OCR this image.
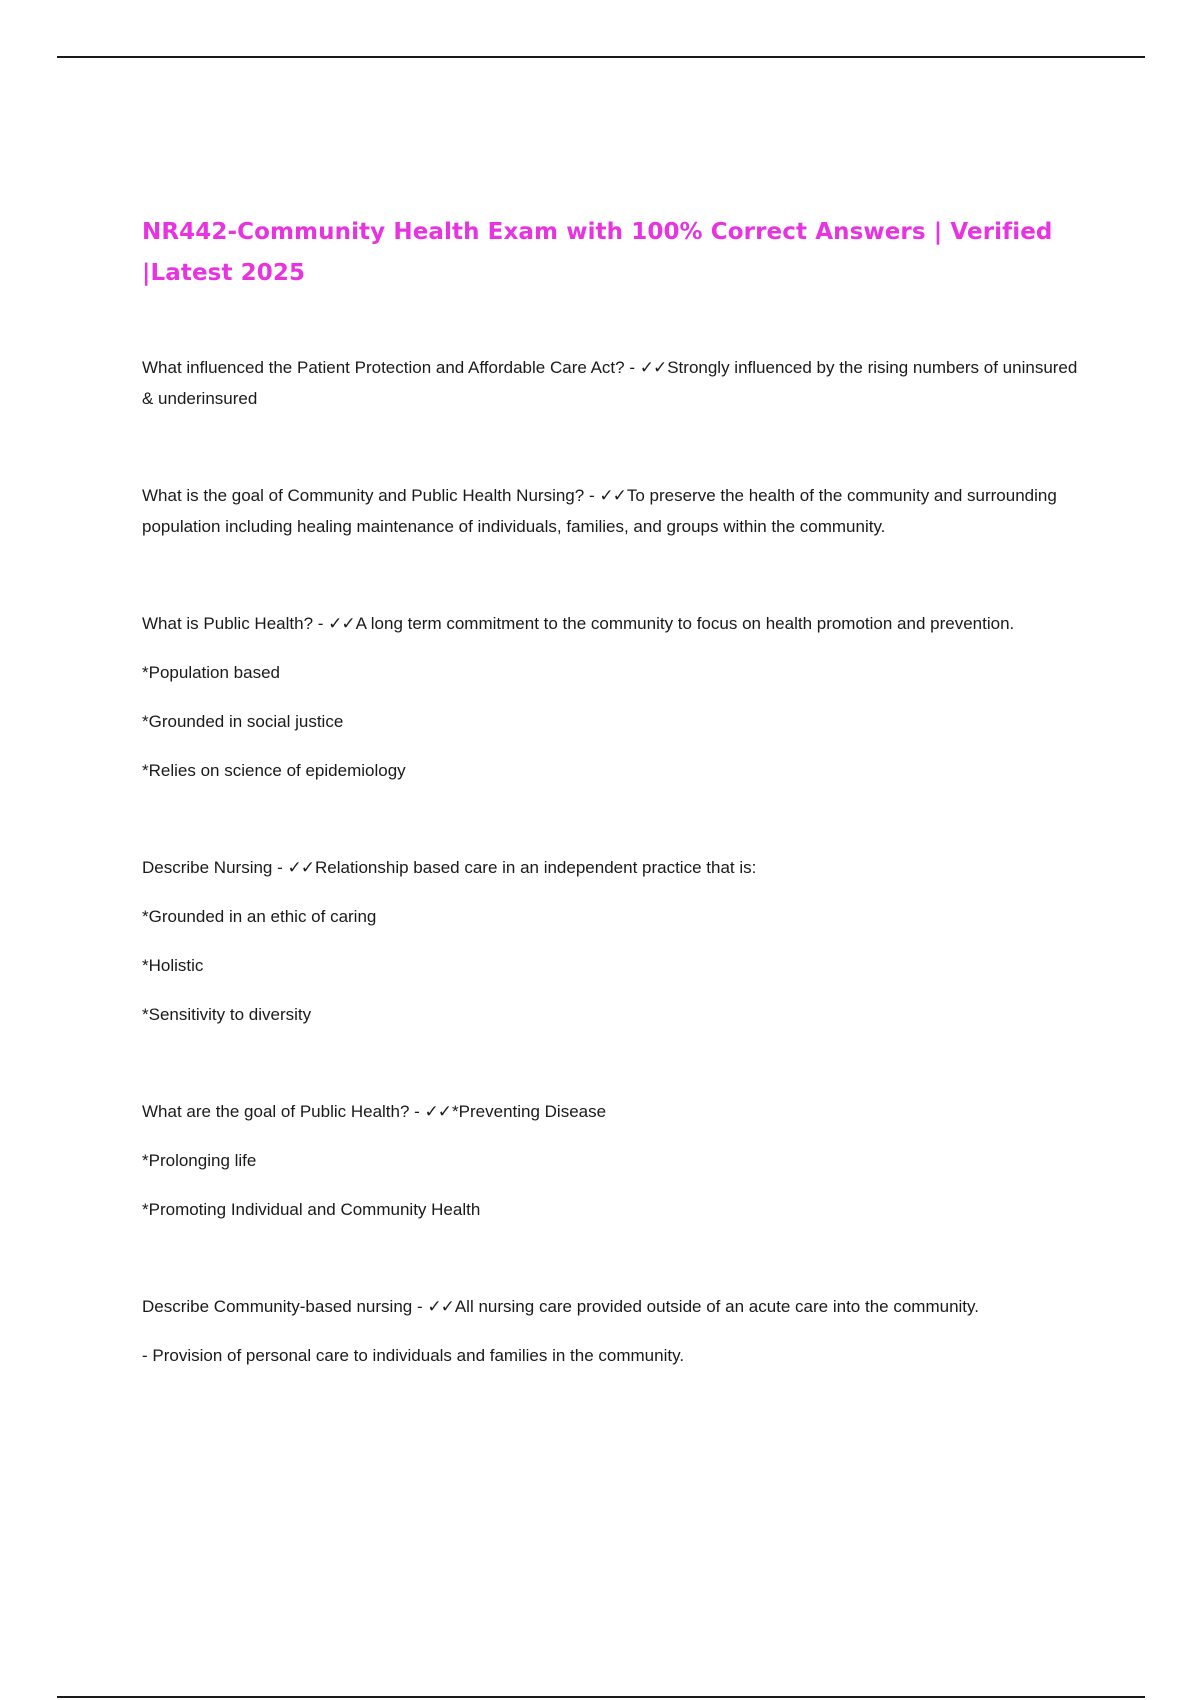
NR442-Community Health Exam with 100% Correct Answers | Verified |Latest 2025

What influenced the Patient Protection and Affordable Care Act? - ✓✓Strongly influenced by the rising numbers of uninsured & underinsured

What is the goal of Community and Public Health Nursing? - ✓✓To preserve the health of the community and surrounding population including healing maintenance of individuals, families, and groups within the community.

What is Public Health? - ✓✓A long term commitment to the community to focus on health promotion and prevention.

*Population based

*Grounded in social justice

*Relies on science of epidemiology

Describe Nursing - ✓✓Relationship based care in an independent practice that is:

*Grounded in an ethic of caring

*Holistic

*Sensitivity to diversity

What are the goal of Public Health? - ✓✓*Preventing Disease

*Prolonging life

*Promoting Individual and Community Health

Describe Community-based nursing - ✓✓All nursing care provided outside of an acute care into the community.

- Provision of personal care to individuals and families in the community.
